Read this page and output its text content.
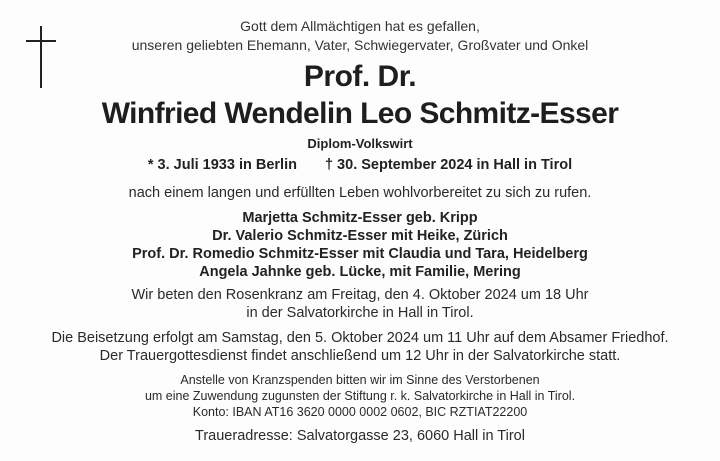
Gott dem Allmächtigen hat es gefallen,
unseren geliebten Ehemann, Vater, Schwiegervater, Großvater und Onkel
Prof. Dr.
Winfried Wendelin Leo Schmitz-Esser
Diplom-Volkswirt
* 3. Juli 1933 in Berlin † 30. September 2024 in Hall in Tirol
nach einem langen und erfüllten Leben wohlvorbereitet zu sich zu rufen.
Marjetta Schmitz-Esser geb. Kripp
Dr. Valerio Schmitz-Esser mit Heike, Zürich
Prof. Dr. Romedio Schmitz-Esser mit Claudia und Tara, Heidelberg
Angela Jahnke geb. Lücke, mit Familie, Mering
Wir beten den Rosenkranz am Freitag, den 4. Oktober 2024 um 18 Uhr
in der Salvatorkirche in Hall in Tirol.
Die Beisetzung erfolgt am Samstag, den 5. Oktober 2024 um 11 Uhr auf dem Absamer Friedhof.
Der Trauergottesdienst findet anschließend um 12 Uhr in der Salvatorkirche statt.
Anstelle von Kranzspenden bitten wir im Sinne des Verstorbenen
um eine Zuwendung zugunsten der Stiftung r. k. Salvatorkirche in Hall in Tirol.
Konto: IBAN AT16 3620 0000 0002 0602, BIC RZTIAT22200
Traueradresse: Salvatorgasse 23, 6060 Hall in Tirol
